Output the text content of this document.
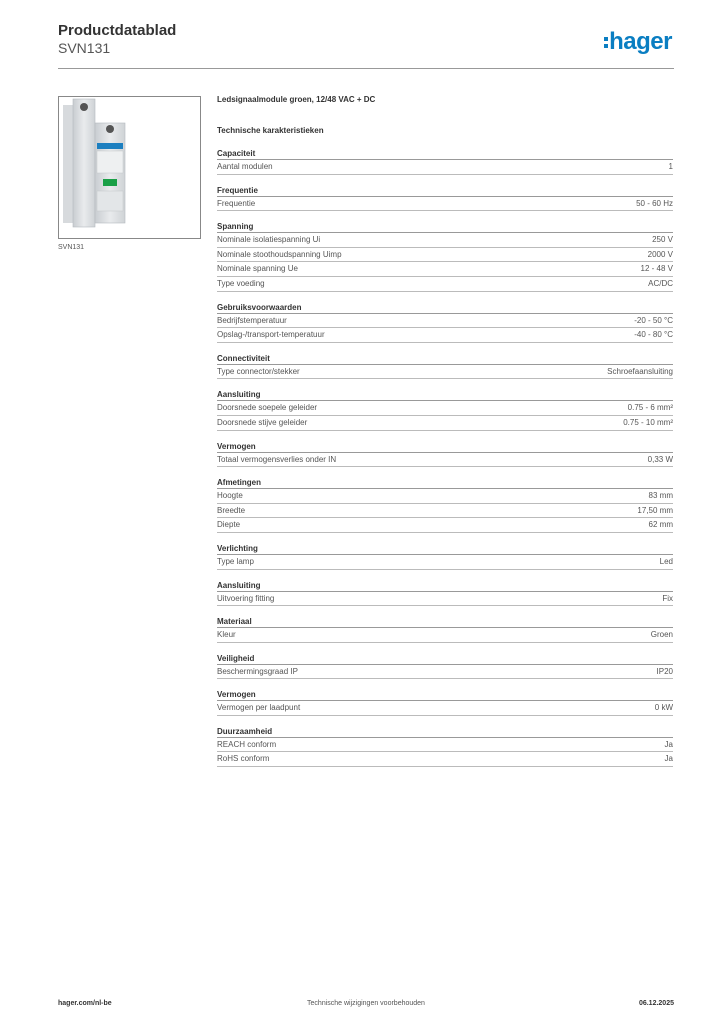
Productdatablad
SVN131	hager
SVN131
Ledsignaalmodule groen, 12/48 VAC + DC
Technische karakteristieken
Capaciteit
Aantal modulen	1
Frequentie
Frequentie	50 - 60 Hz
Spanning
Nominale isolatiespanning Ui	250 V
Nominale stoothoudspanning Uimp	2000 V
Nominale spanning Ue	12 - 48 V
Type voeding	AC/DC
Gebruiksvoorwaarden
Bedrijfstemperatuur	-20 - 50 °C
Opslag-/transport-temperatuur	-40 - 80 °C
Connectiviteit
Type connector/stekker	Schroefaansluiting
Aansluiting
Doorsnede soepele geleider	0.75 - 6 mm²
Doorsnede stijve geleider	0.75 - 10 mm²
Vermogen
Totaal vermogensverlies onder IN	0,33 W
Afmetingen
Hoogte	83 mm
Breedte	17,50 mm
Diepte	62 mm
Verlichting
Type lamp	Led
Aansluiting
Uitvoering fitting	Fix
Materiaal
Kleur	Groen
Veiligheid
Beschermingsgraad IP	IP20
Vermogen
Vermogen per laadpunt	0 kW
Duurzaamheid
REACH conform	Ja
RoHS conform	Ja
hager.com/nl-be	Technische wijzigingen voorbehouden	06.12.2025
